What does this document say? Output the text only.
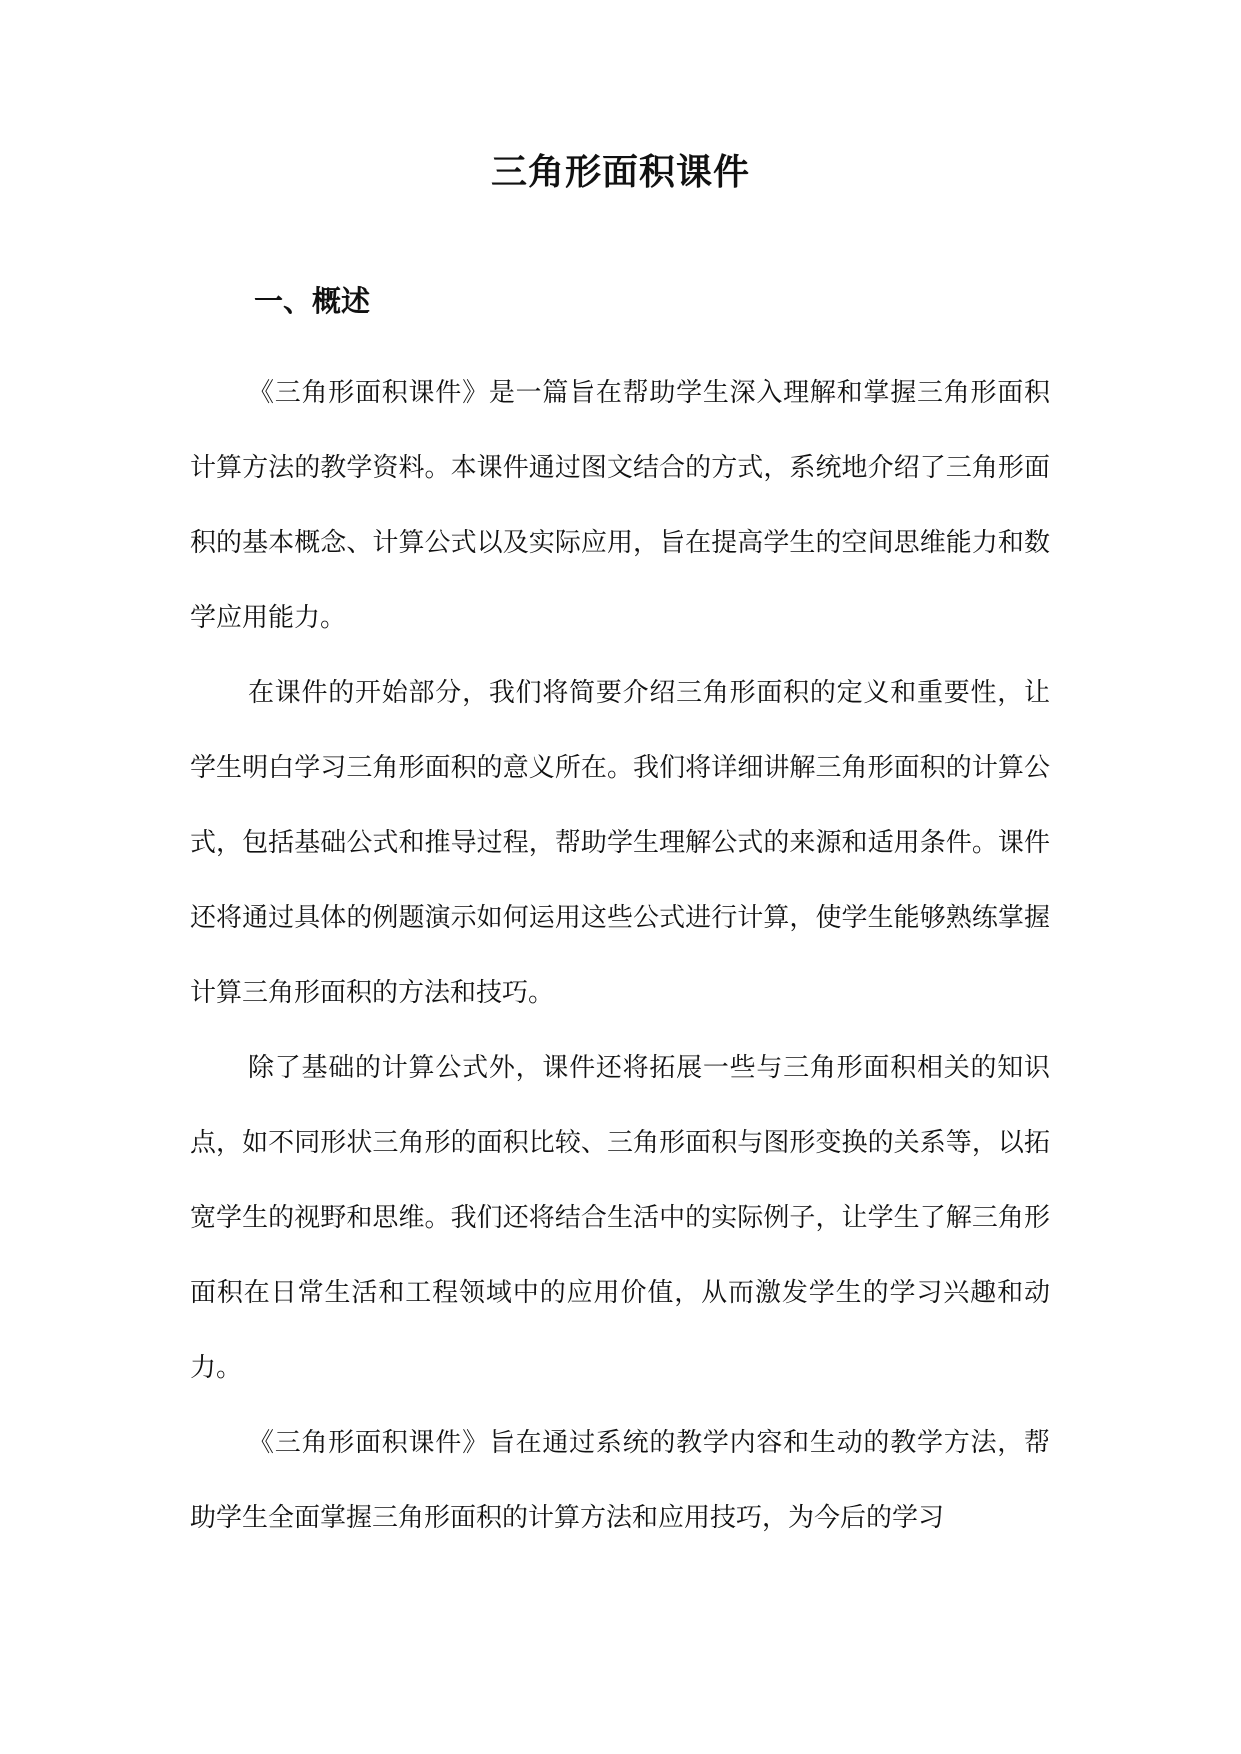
三角形面积课件
一、概述

《三角形面积课件》是一篇旨在帮助学生深入理解和掌握三角形面积计算方法的教学资料。本课件通过图文结合的方式，系统地介绍了三角形面积的基本概念、计算公式以及实际应用，旨在提高学生的空间思维能力和数学应用能力。

在课件的开始部分，我们将简要介绍三角形面积的定义和重要性，让学生明白学习三角形面积的意义所在。我们将详细讲解三角形面积的计算公式，包括基础公式和推导过程，帮助学生理解公式的来源和适用条件。课件还将通过具体的例题演示如何运用这些公式进行计算，使学生能够熟练掌握计算三角形面积的方法和技巧。

除了基础的计算公式外，课件还将拓展一些与三角形面积相关的知识点，如不同形状三角形的面积比较、三角形面积与图形变换的关系等，以拓宽学生的视野和思维。我们还将结合生活中的实际例子，让学生了解三角形面积在日常生活和工程领域中的应用价值，从而激发学生的学习兴趣和动力。

《三角形面积课件》旨在通过系统的教学内容和生动的教学方法，帮助学生全面掌握三角形面积的计算方法和应用技巧，为今后的学习
